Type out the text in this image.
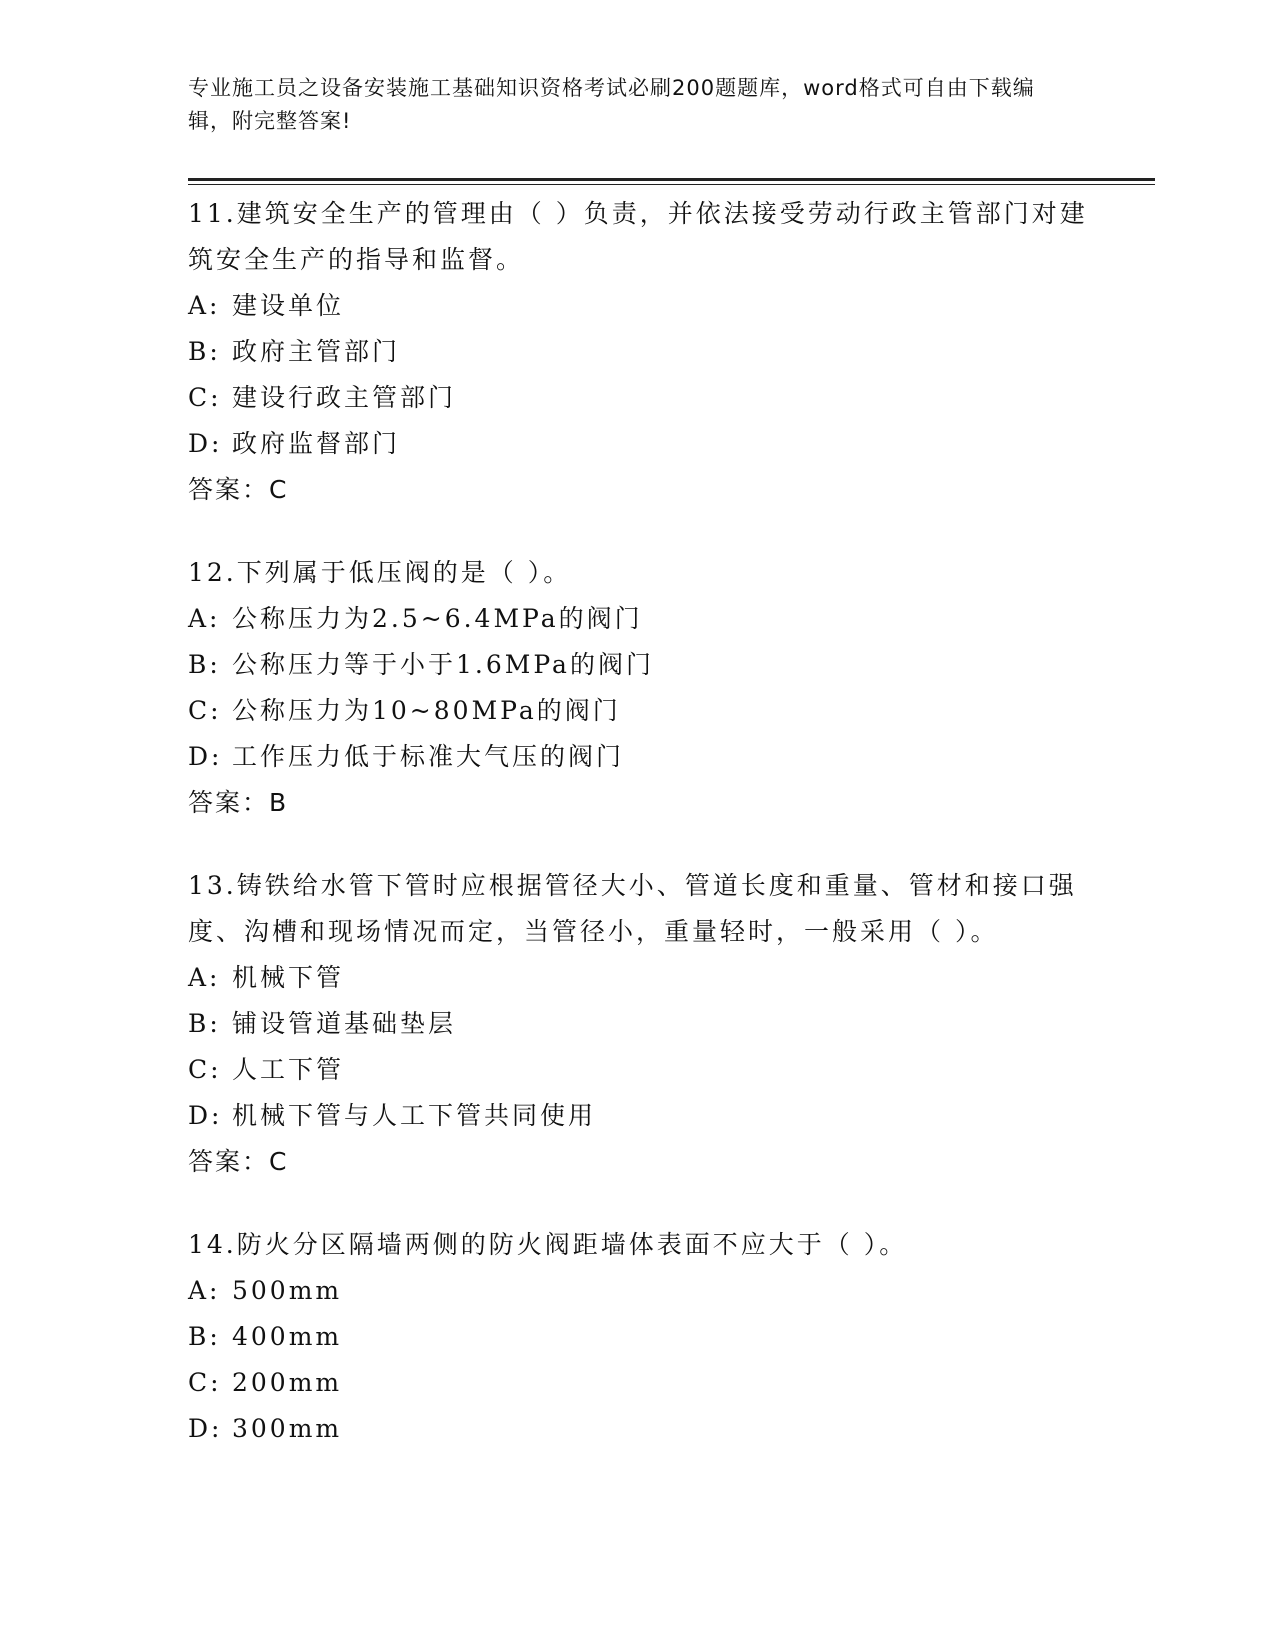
专业施工员之设备安装施工基础知识资格考试必刷200题题库，word格式可自由下载编辑，附完整答案!
11.建筑安全生产的管理由（ ）负责，并依法接受劳动行政主管部门对建筑安全生产的指导和监督。
A: 建设单位
B: 政府主管部门
C: 建设行政主管部门
D: 政府监督部门
答案：C
12.下列属于低压阀的是（ ）。
A: 公称压力为2.5~6.4MPa的阀门
B: 公称压力等于小于1.6MPa的阀门
C: 公称压力为10~80MPa的阀门
D: 工作压力低于标准大气压的阀门
答案：B
13.铸铁给水管下管时应根据管径大小、管道长度和重量、管材和接口强度、沟槽和现场情况而定，当管径小，重量轻时，一般采用（ ）。
A: 机械下管
B: 铺设管道基础垫层
C: 人工下管
D: 机械下管与人工下管共同使用
答案：C
14.防火分区隔墙两侧的防火阀距墙体表面不应大于（ ）。
A: 500mm
B: 400mm
C: 200mm
D: 300mm
